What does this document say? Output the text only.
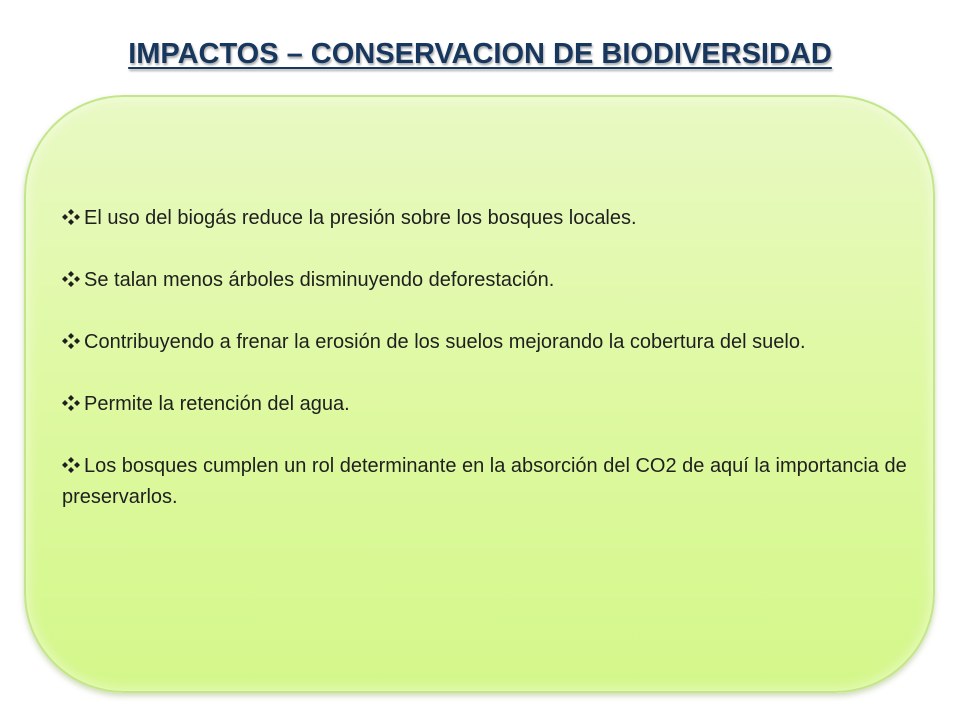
IMPACTOS – CONSERVACION DE BIODIVERSIDAD
El uso del biogás reduce la presión sobre los bosques locales.
Se talan menos árboles disminuyendo deforestación.
Contribuyendo a frenar la erosión de los suelos mejorando la cobertura del suelo.
Permite la retención del agua.
Los bosques cumplen un rol determinante en la absorción del CO2 de aquí la importancia de preservarlos.
